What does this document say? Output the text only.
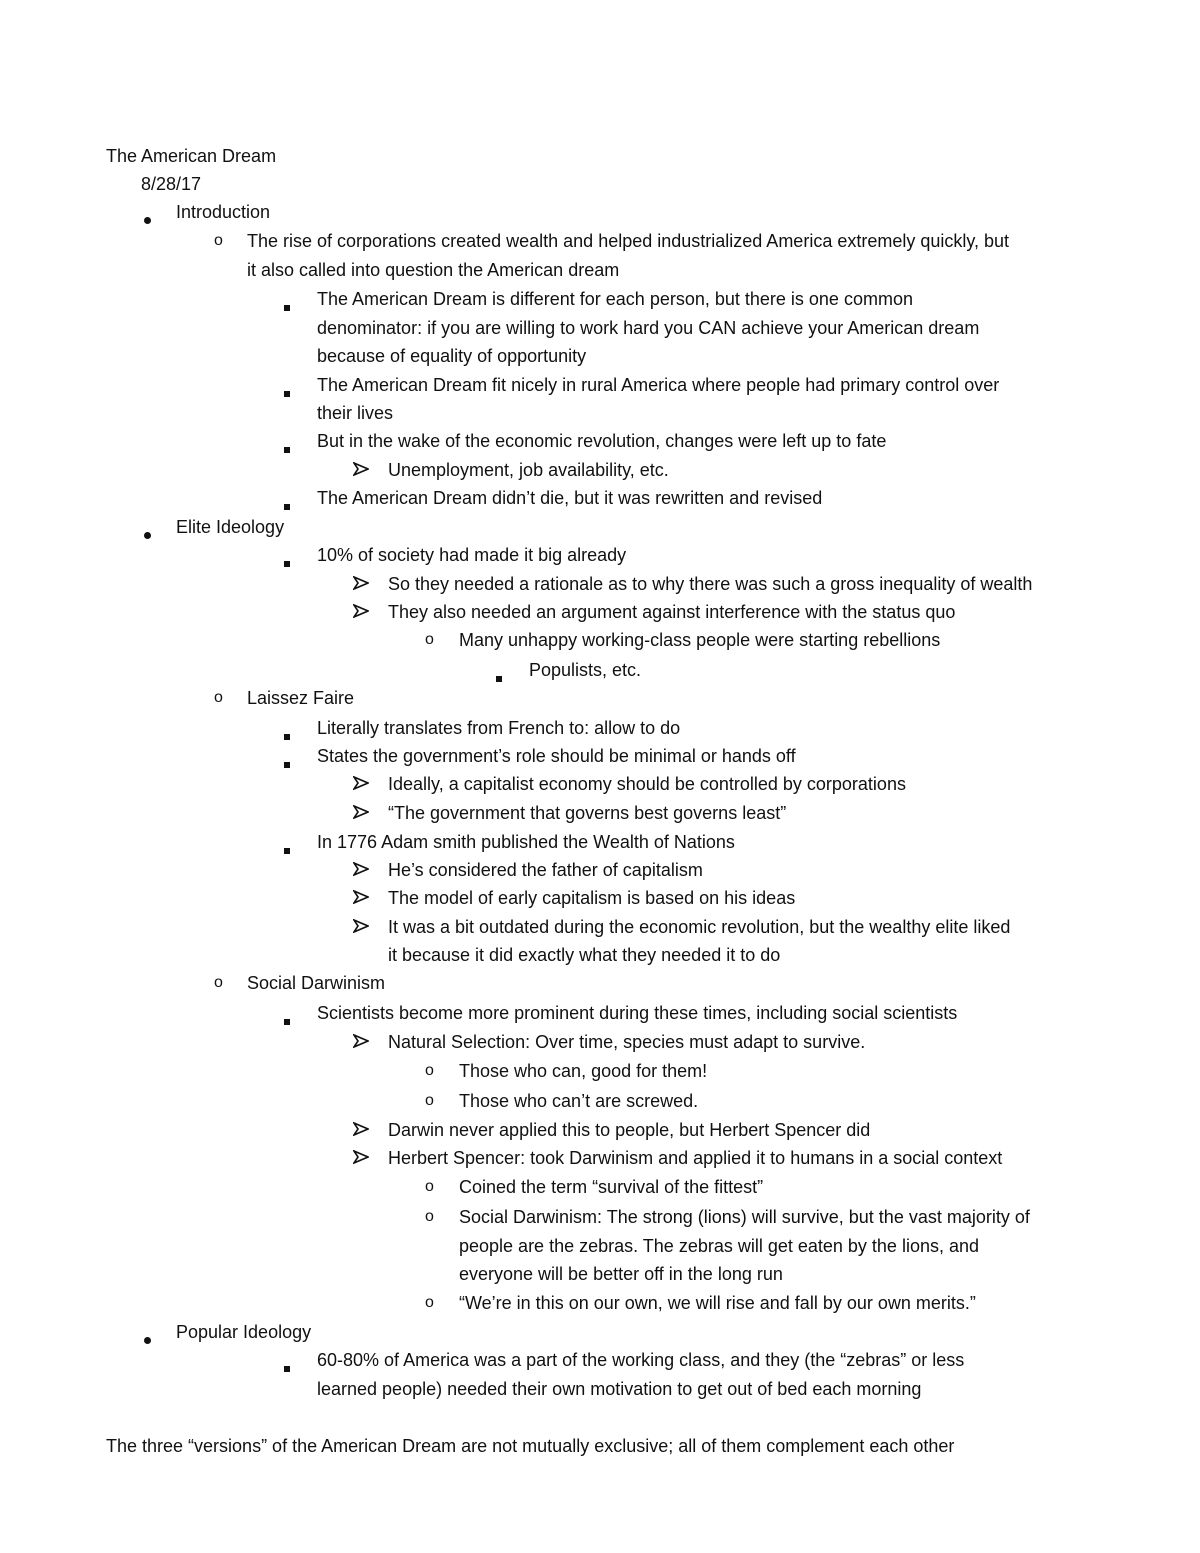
The American Dream
8/28/17
Introduction
o The rise of corporations created wealth and helped industrialized America extremely quickly, but
it also called into question the American dream
The American Dream is different for each person, but there is one common
denominator: if you are willing to work hard you CAN achieve your American dream
because of equality of opportunity
The American Dream fit nicely in rural America where people had primary control over
their lives
But in the wake of the economic revolution, changes were left up to fate
Unemployment, job availability, etc.
The American Dream didn’t die, but it was rewritten and revised
Elite Ideology
10% of society had made it big already
So they needed a rationale as to why there was such a gross inequality of wealth
They also needed an argument against interference with the status quo
o Many unhappy working-class people were starting rebellions
Populists, etc.
o Laissez Faire
Literally translates from French to: allow to do
States the government’s role should be minimal or hands off
Ideally, a capitalist economy should be controlled by corporations
“The government that governs best governs least”
In 1776 Adam smith published the Wealth of Nations
He’s considered the father of capitalism
The model of early capitalism is based on his ideas
It was a bit outdated during the economic revolution, but the wealthy elite liked
it because it did exactly what they needed it to do
o Social Darwinism
Scientists become more prominent during these times, including social scientists
Natural Selection: Over time, species must adapt to survive.
o Those who can, good for them!
o Those who can’t are screwed.
Darwin never applied this to people, but Herbert Spencer did
Herbert Spencer: took Darwinism and applied it to humans in a social context
o Coined the term “survival of the fittest”
o Social Darwinism: The strong (lions) will survive, but the vast majority of
people are the zebras. The zebras will get eaten by the lions, and
everyone will be better off in the long run
o “We’re in this on our own, we will rise and fall by our own merits.”
Popular Ideology
60-80% of America was a part of the working class, and they (the “zebras” or less
learned people) needed their own motivation to get out of bed each morning
The three “versions” of the American Dream are not mutually exclusive; all of them complement each other
